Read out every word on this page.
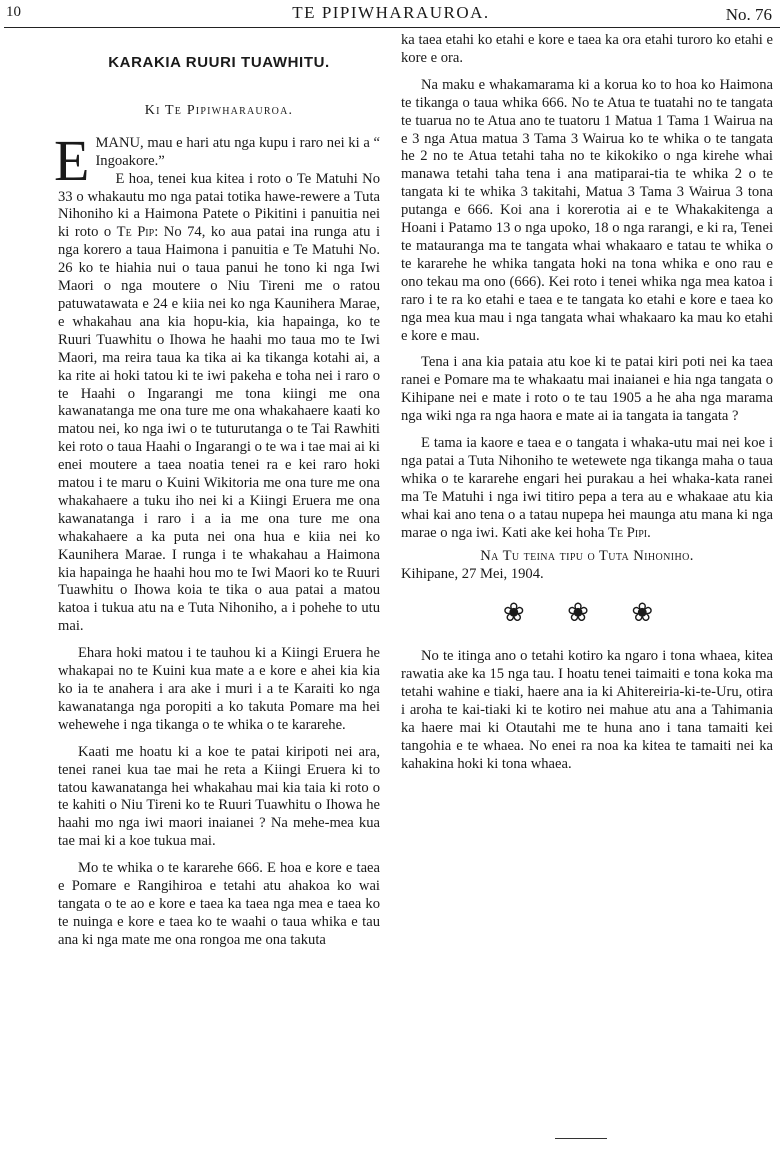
10	TE PIPIWHARAUROA.	No. 76
KARAKIA RUURI TUAWHITU.
Ki Te Pipiwharauroa.

EMANU, mau e hari atu nga kupu i raro nei ki a “ Ingoakore.”

E hoa, tenei kua kitea i roto o Te Matuhi No 33 o whakautu mo nga patai totika hawe-rewere a Tuta Nihoniho ki a Haimona Patete o Pikitini i panuitia nei ki roto o Te Pip: No 74, ko aua patai ina runga atu i nga korero a taua Haimona i panuitia e Te Matuhi No. 26 ko te hiahia nui o taua panui he tono ki nga Iwi Maori o nga moutere o Niu Tireni me o ratou patuwatawata e 24 e kiia nei ko nga Kaunihera Marae, e whakahau ana kia hopu-kia, kia hapainga, ko te Ruuri Tuawhitu o Ihowa he haahi mo taua mo te Iwi Maori, ma reira taua ka tika ai ka tikanga kotahi ai, a ka rite ai hoki tatou ki te iwi pakeha e toha nei i raro o te Haahi o Ingarangi me tona kiingi me ona kawanatanga me ona ture me ona whakahaere kaati ko matou nei, ko nga iwi o te tuturutanga o te Tai Rawhiti kei roto o taua Haahi o Ingarangi o te wa i tae mai ai ki enei moutere a taea noatia tenei ra e kei raro hoki matou i te maru o Kuini Wikitoria me ona ture me ona whakahaere a tuku iho nei ki a Kiingi Eruera me ona kawanatanga i raro i a ia me ona ture me ona whakahaere a ka puta nei ona hua e kiia nei ko Kaunihera Marae. I runga i te whakahau a Haimona kia hapainga he haahi hou mo te Iwi Maori ko te Ruuri Tuawhitu o Ihowa koia te tika o aua patai a matou katoa i tukua atu na e Tuta Nihoniho, a i pohehe to utu mai.

Ehara hoki matou i te tauhou ki a Kiingi Eruera he whakapai no te Kuini kua mate a e kore e ahei kia kia ko ia te anahera i ara ake i muri i a te Karaiti ko nga kawanatanga nga poropiti a ko takuta Pomare ma hei wehewehe i nga tikanga o te whika o te kararehe.

Kaati me hoatu ki a koe te patai kiripoti nei ara, tenei ranei kua tae mai he reta a Kiingi Eruera ki to tatou kawanatanga hei whakahau mai kia taia ki roto o te kahiti o Niu Tireni ko te Ruuri Tuawhitu o Ihowa he haahi mo nga iwi maori inaianei ? Na mehe-mea kua tae mai ki a koe tukua mai.

Mo te whika o te kararehe 666. E hoa e kore e taea e Pomare e Rangihiroa e tetahi atu ahakoa ko wai tangata o te ao e kore e taea ka taea nga mea e taea ko te nuinga e kore e taea ko te waahi o taua whika e tau ana ki nga mate me ona rongoa me ona takuta

ka taea etahi ko etahi e kore e taea ka ora etahi turoro ko etahi e kore e ora.

Na maku e whakamarama ki a korua ko to hoa ko Haimona te tikanga o taua whika 666. No te Atua te tuatahi no te tangata te tuarua no te Atua ano te tuatoru 1 Matua 1 Tama 1 Wairua na e 3 nga Atua matua 3 Tama 3 Wairua ko te whika o te tangata he 2 no te Atua tetahi taha no te kikokiko o nga kirehe whai manawa tetahi taha tena i ana matiparai-tia te whika 2 o te tangata ki te whika 3 takitahi, Matua 3 Tama 3 Wairua 3 tona putanga e 666. Koi ana i korerotia ai e te Whakakitenga a Hoani i Patamo 13 o nga upoko, 18 o nga rarangi, e ki ra, Tenei te matauranga ma te tangata whai whakaaro e tatau te whika o te kararehe he whika tangata hoki na tona whika e ono rau e ono tekau ma ono (666). Kei roto i tenei whika nga mea katoa i raro i te ra ko etahi e taea e te tangata ko etahi e kore e taea ko nga mea kua mau i nga tangata whai whakaaro ka mau ko etahi e kore e mau.

Tena i ana kia pataia atu koe ki te patai kiri poti nei ka taea ranei e Pomare ma te whakaatu mai inaianei e hia nga tangata o Kihipane nei e mate i roto o te tau 1905 a he aha nga marama nga wiki nga ra nga haora e mate ai ia tangata ia tangata ?

E tama ia kaore e taea e o tangata i whaka-utu mai nei koe i nga patai a Tuta Nihoniho te wetewete nga tikanga maha o taua whika o te kararehe engari hei purakau a hei whaka-kata ranei ma Te Matuhi i nga iwi titiro pepa a tera au e whakaae atu kia whai kai ano tena o a tatau nupepa hei maunga atu mana ki nga marae o nga iwi. Kati ake kei hoha Te Pipi.

Na Tu teina tipu o Tuta Nihoniho.

Kihipane, 27 Mei, 1904.

❀ ❀ ❀

No te itinga ano o tetahi kotiro ka ngaro i tona whaea, kitea rawatia ake ka 15 nga tau. I hoatu tenei taimaiti e tona koka ma tetahi wahine e tiaki, haere ana ia ki Ahitereiria-ki-te-Uru, otira i aroha te kai-tiaki ki te kotiro nei mahue atu ana a Tahimania ka haere mai ki Otautahi me te huna ano i tana tamaiti kei tangohia e te whaea. No enei ra noa ka kitea te tamaiti nei ka kahakina hoki ki tona whaea.
